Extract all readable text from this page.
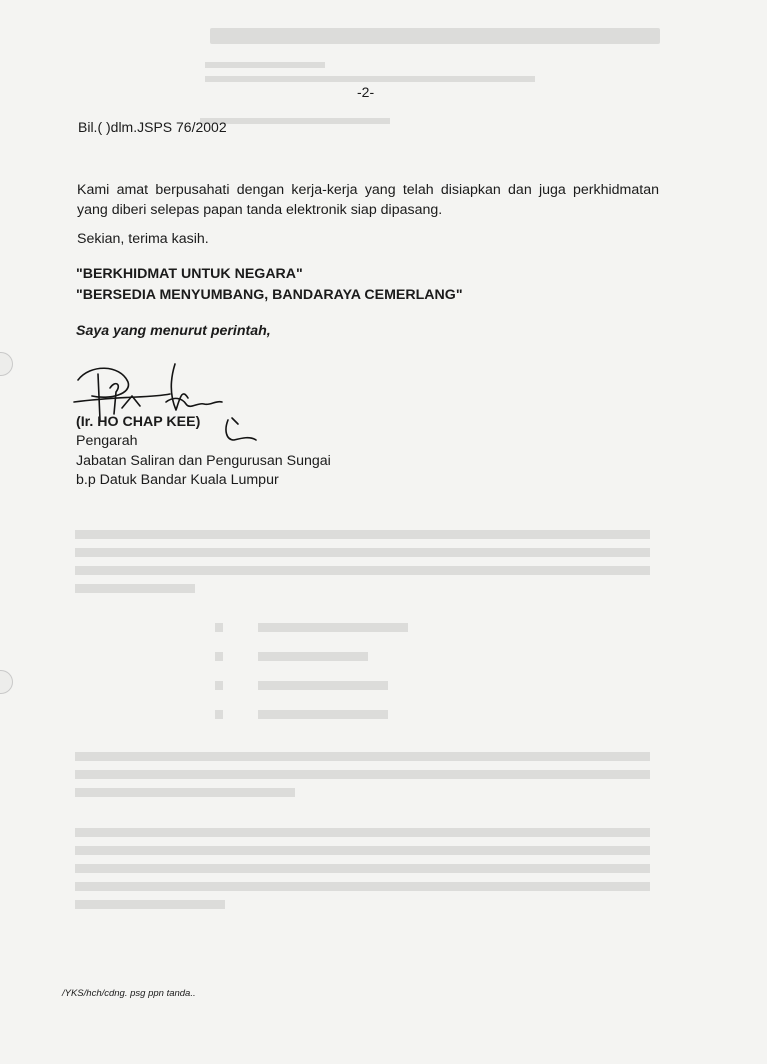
-2-
Bil.( )dlm.JSPS 76/2002
Kami amat berpusahati dengan kerja-kerja yang telah disiapkan dan juga perkhidmatan yang diberi selepas papan tanda elektronik siap dipasang.
Sekian, terima kasih.
"BERKHIDMAT UNTUK NEGARA"
"BERSEDIA MENYUMBANG, BANDARAYA CEMERLANG"
Saya yang menurut perintah,
(Ir. HO CHAP KEE)
Pengarah
Jabatan Saliran dan Pengurusan Sungai
b.p Datuk Bandar Kuala Lumpur
/YKS/hch/cdng. psg ppn tanda..
